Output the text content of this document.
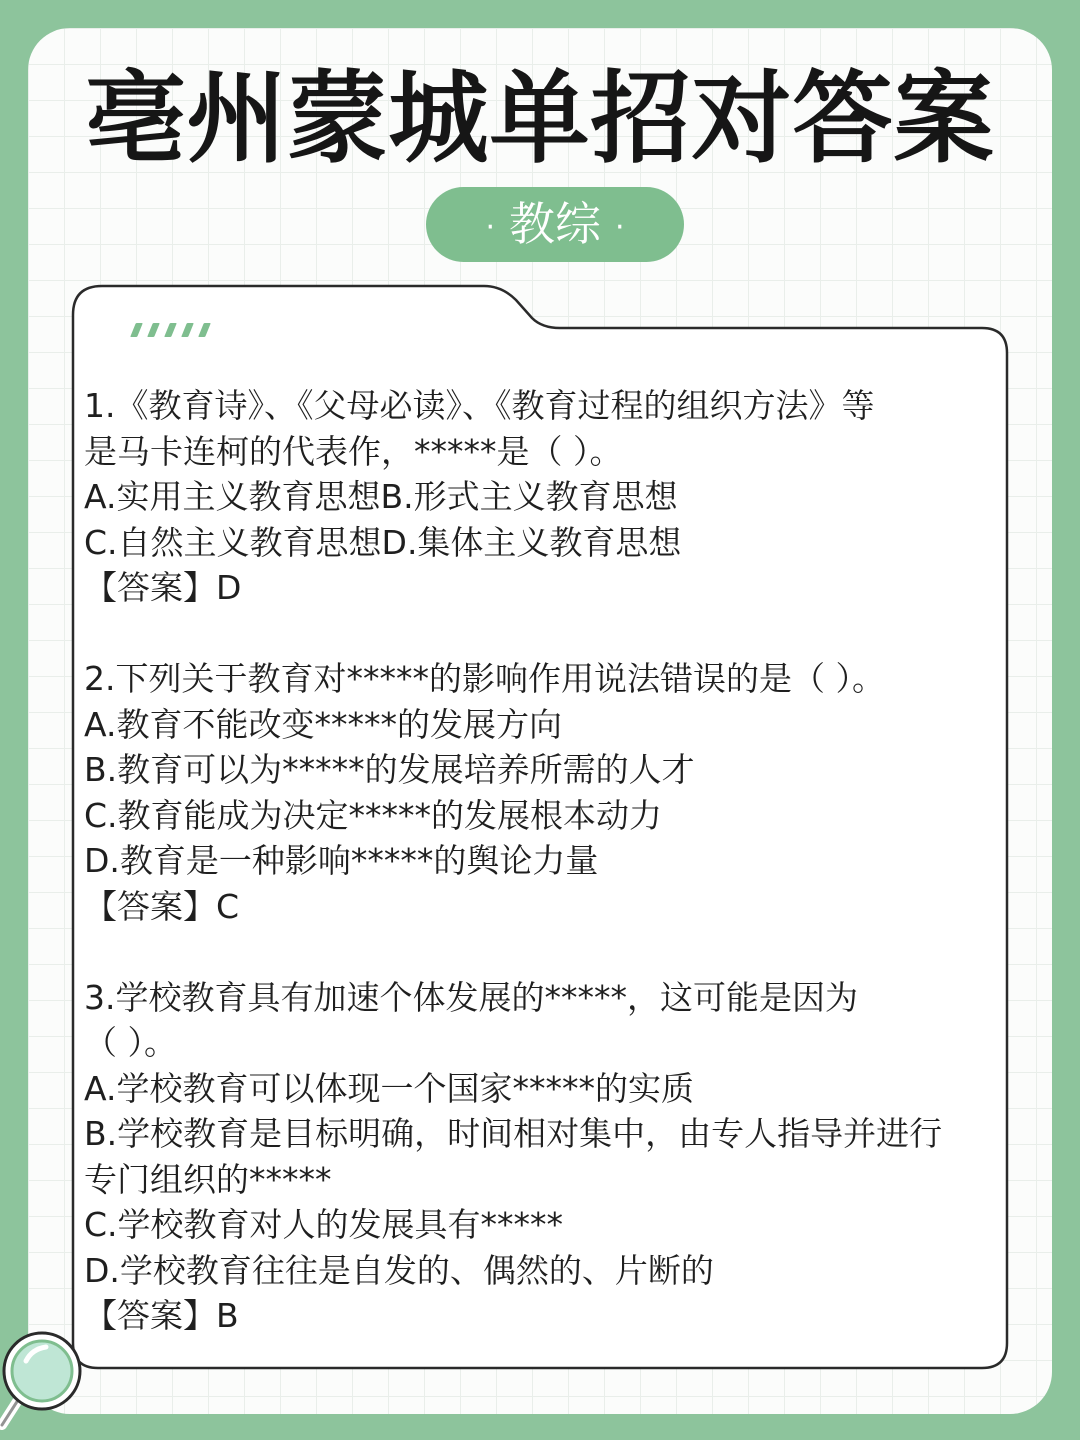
亳州蒙城单招对答案
· 教综 ·
1.《教育诗》、《父母必读》、《教育过程的组织方法》等
是马卡连柯的代表作，*****是（ ）。
A.实用主义教育思想B.形式主义教育思想
C.自然主义教育思想D.集体主义教育思想
【答案】D
2.下列关于教育对*****的影响作用说法错误的是（ ）。
A.教育不能改变*****的发展方向
B.教育可以为*****的发展培养所需的人才
C.教育能成为决定*****的发展根本动力
D.教育是一种影响*****的舆论力量
【答案】C
3.学校教育具有加速个体发展的*****，这可能是因为
（ ）。
A.学校教育可以体现一个国家*****的实质
B.学校教育是目标明确，时间相对集中，由专人指导并进行
专门组织的*****
C.学校教育对人的发展具有*****
D.学校教育往往是自发的、偶然的、片断的
【答案】B
